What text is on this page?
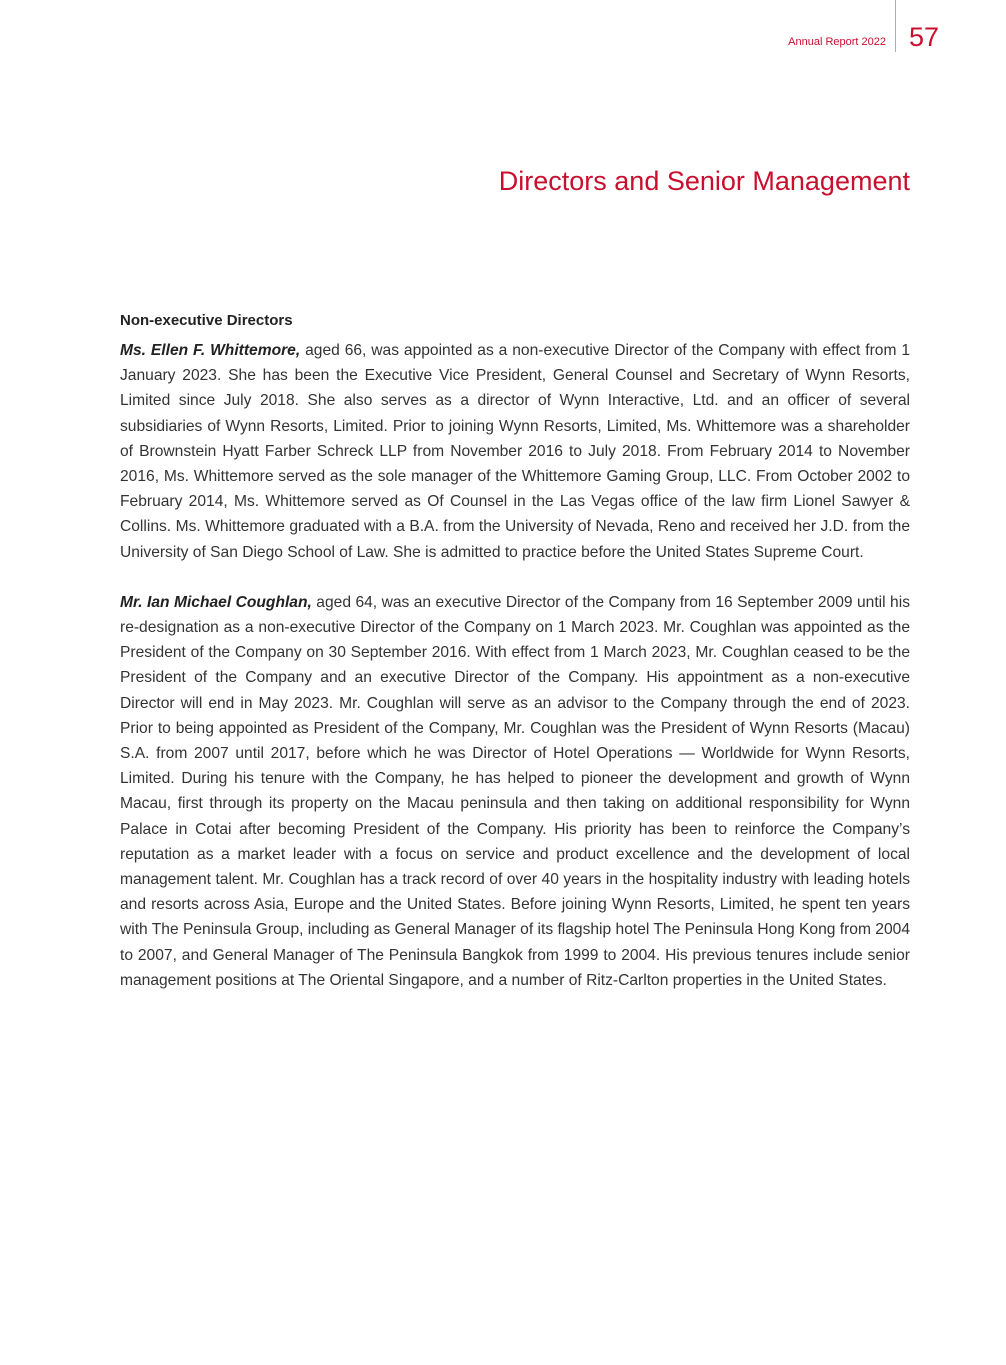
Annual Report 2022 57
Directors and Senior Management
Non-executive Directors

Ms. Ellen F. Whittemore, aged 66, was appointed as a non-executive Director of the Company with effect from 1 January 2023. She has been the Executive Vice President, General Counsel and Secretary of Wynn Resorts, Limited since July 2018. She also serves as a director of Wynn Interactive, Ltd. and an officer of several subsidiaries of Wynn Resorts, Limited. Prior to joining Wynn Resorts, Limited, Ms. Whittemore was a shareholder of Brownstein Hyatt Farber Schreck LLP from November 2016 to July 2018. From February 2014 to November 2016, Ms. Whittemore served as the sole manager of the Whittemore Gaming Group, LLC. From October 2002 to February 2014, Ms. Whittemore served as Of Counsel in the Las Vegas office of the law firm Lionel Sawyer & Collins. Ms. Whittemore graduated with a B.A. from the University of Nevada, Reno and received her J.D. from the University of San Diego School of Law. She is admitted to practice before the United States Supreme Court.

Mr. Ian Michael Coughlan, aged 64, was an executive Director of the Company from 16 September 2009 until his re-designation as a non-executive Director of the Company on 1 March 2023. Mr. Coughlan was appointed as the President of the Company on 30 September 2016. With effect from 1 March 2023, Mr. Coughlan ceased to be the President of the Company and an executive Director of the Company. His appointment as a non-executive Director will end in May 2023. Mr. Coughlan will serve as an advisor to the Company through the end of 2023. Prior to being appointed as President of the Company, Mr. Coughlan was the President of Wynn Resorts (Macau) S.A. from 2007 until 2017, before which he was Director of Hotel Operations — Worldwide for Wynn Resorts, Limited. During his tenure with the Company, he has helped to pioneer the development and growth of Wynn Macau, first through its property on the Macau peninsula and then taking on additional responsibility for Wynn Palace in Cotai after becoming President of the Company. His priority has been to reinforce the Company’s reputation as a market leader with a focus on service and product excellence and the development of local management talent. Mr. Coughlan has a track record of over 40 years in the hospitality industry with leading hotels and resorts across Asia, Europe and the United States. Before joining Wynn Resorts, Limited, he spent ten years with The Peninsula Group, including as General Manager of its flagship hotel The Peninsula Hong Kong from 2004 to 2007, and General Manager of The Peninsula Bangkok from 1999 to 2004. His previous tenures include senior management positions at The Oriental Singapore, and a number of Ritz-Carlton properties in the United States.
